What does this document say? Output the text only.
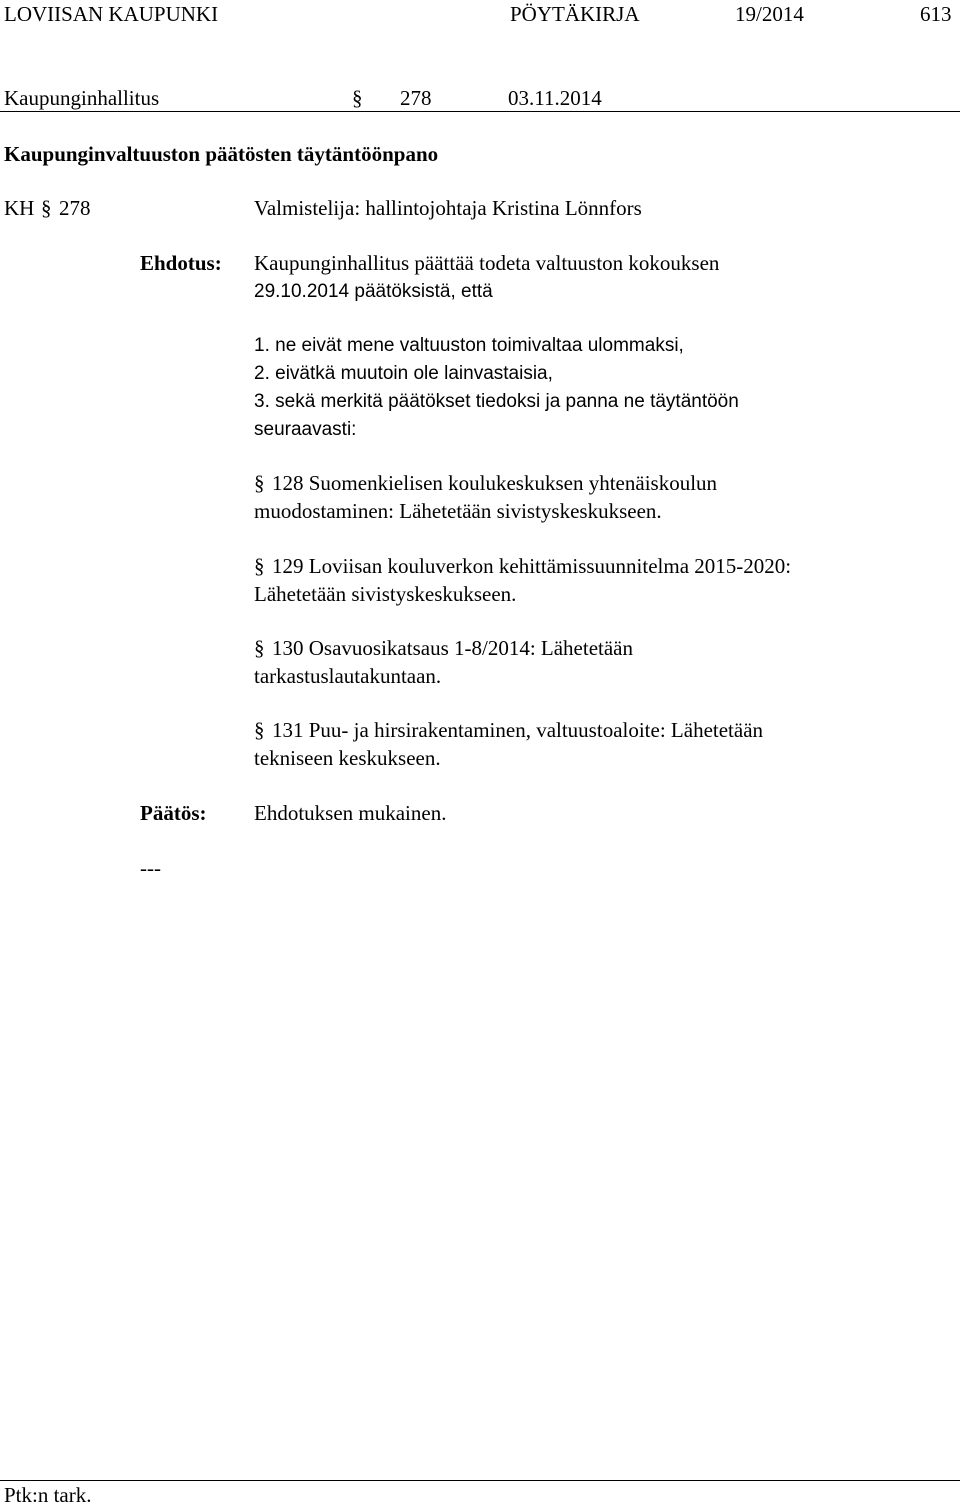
LOVIISAN KAUPUNKI	PÖYTÄKIRJA	19/2014	613
Kaupunginhallitus	§ 278	03.11.2014
Kaupunginvaltuuston päätösten täytäntöönpano
KH § 278	Valmistelija: hallintojohtaja Kristina Lönnfors
Ehdotus: Kaupunginhallitus päättää todeta valtuuston kokouksen
29.10.2014 päätöksistä, että
1. ne eivät mene valtuuston toimivaltaa ulommaksi,
2. eivätkä muutoin ole lainvastaisia,
3. sekä merkitä päätökset tiedoksi ja panna ne täytäntöön
seuraavasti:
§ 128 Suomenkielisen koulukeskuksen yhtenäiskoulun
muodostaminen: Lähetetään sivistyskeskukseen.
§ 129 Loviisan kouluverkon kehittämissuunnitelma 2015-2020:
Lähetetään sivistyskeskukseen.
§ 130 Osavuosikatsaus 1-8/2014: Lähetetään
tarkastuslautakuntaan.
§ 131 Puu- ja hirsirakentaminen, valtuustoaloite: Lähetetään
tekniseen keskukseen.
Päätös: Ehdotuksen mukainen.
---
Ptk:n tark.
